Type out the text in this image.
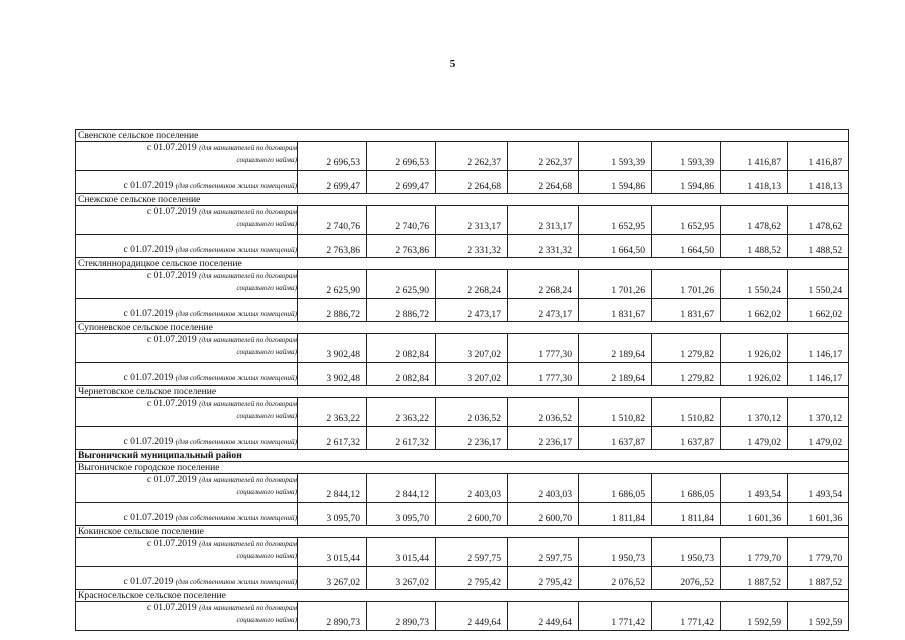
5
Свенское сельское поселение								

с 01.07.2019 (для нанимателей по договорам
социального найма)	2 696,53	2 696,53	2 262,37	2 262,37	1 593,39	1 593,39	1 416,87	1 416,87
с 01.07.2019 (для собственников жилых помещений)	2 699,47	2 699,47	2 264,68	2 264,68	1 594,86	1 594,86	1 418,13	1 418,13
Снежское сельское поселение								

с 01.07.2019 (для нанимателей по договорам
социального найма)	2 740,76	2 740,76	2 313,17	2 313,17	1 652,95	1 652,95	1 478,62	1 478,62
с 01.07.2019 (для собственников жилых помещений)	2 763,86	2 763,86	2 331,32	2 331,32	1 664,50	1 664,50	1 488,52	1 488,52
Стекляннорадицкое сельское поселение								

с 01.07.2019 (для нанимателей по договорам
социального найма)	2 625,90	2 625,90	2 268,24	2 268,24	1 701,26	1 701,26	1 550,24	1 550,24
с 01.07.2019 (для собственников жилых помещений)	2 886,72	2 886,72	2 473,17	2 473,17	1 831,67	1 831,67	1 662,02	1 662,02
Супоневское сельское поселение								

с 01.07.2019 (для нанимателей по договорам
социального найма)	3 902,48	2 082,84	3 207,02	1 777,30	2 189,64	1 279,82	1 926,02	1 146,17
с 01.07.2019 (для собственников жилых помещений)	3 902,48	2 082,84	3 207,02	1 777,30	2 189,64	1 279,82	1 926,02	1 146,17
Чернетовское сельское поселение								

с 01.07.2019 (для нанимателей по договорам
социального найма)	2 363,22	2 363,22	2 036,52	2 036,52	1 510,82	1 510,82	1 370,12	1 370,12
с 01.07.2019 (для собственников жилых помещений)	2 617,32	2 617,32	2 236,17	2 236,17	1 637,87	1 637,87	1 479,02	1 479,02
Выгоничский муниципальный район								
Выгоничское городское поселение								

с 01.07.2019 (для нанимателей по договорам
социального найма)	2 844,12	2 844,12	2 403,03	2 403,03	1 686,05	1 686,05	1 493,54	1 493,54
с 01.07.2019 (для собственников жилых помещений)	3 095,70	3 095,70	2 600,70	2 600,70	1 811,84	1 811,84	1 601,36	1 601,36
Кокинское сельское поселение								

с 01.07.2019 (для нанимателей по договорам
социального найма)	3 015,44	3 015,44	2 597,75	2 597,75	1 950,73	1 950,73	1 779,70	1 779,70
с 01.07.2019 (для собственников жилых помещений)	3 267,02	3 267,02	2 795,42	2 795,42	2 076,52	2076,,52	1 887,52	1 887,52
Красносельское сельское поселение								

с 01.07.2019 (для нанимателей по договорам
социального найма)	2 890,73	2 890,73	2 449,64	2 449,64	1 771,42	1 771,42	1 592,59	1 592,59
